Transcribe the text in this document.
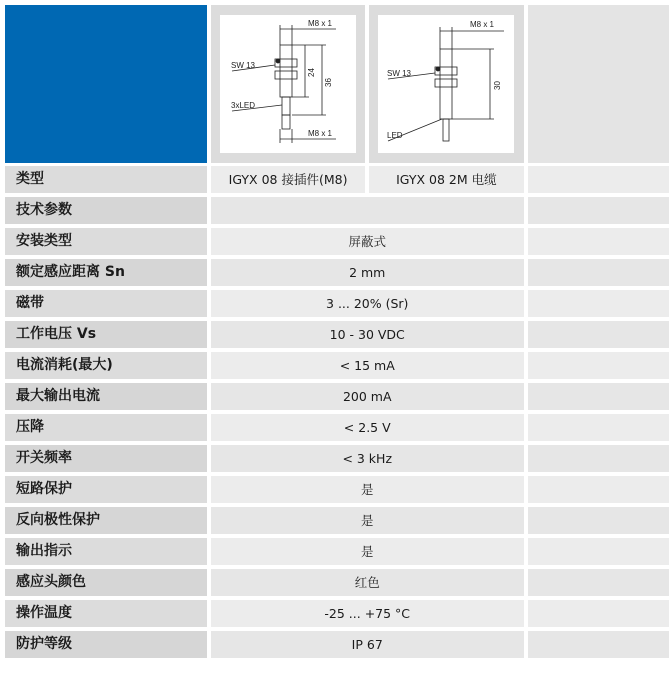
M8 x 1
SW 13
24
36
3xLED
M8 x 1
M8 x 1
SW 13
30
LED
类型	IGYX 08 接插件(M8)	IGYX 08 2M 电缆
技术参数
安装类型	屏蔽式
额定感应距离 Sn	2 mm
磁带	3 ... 20% (Sr)
工作电压 Vs	10 - 30 VDC
电流消耗(最大)	< 15 mA
最大输出电流	200 mA
压降	< 2.5 V
开关频率	< 3 kHz
短路保护	是
反向极性保护	是
输出指示	是
感应头颜色	红色
操作温度	-25 ... +75 °C
防护等级	IP 67
